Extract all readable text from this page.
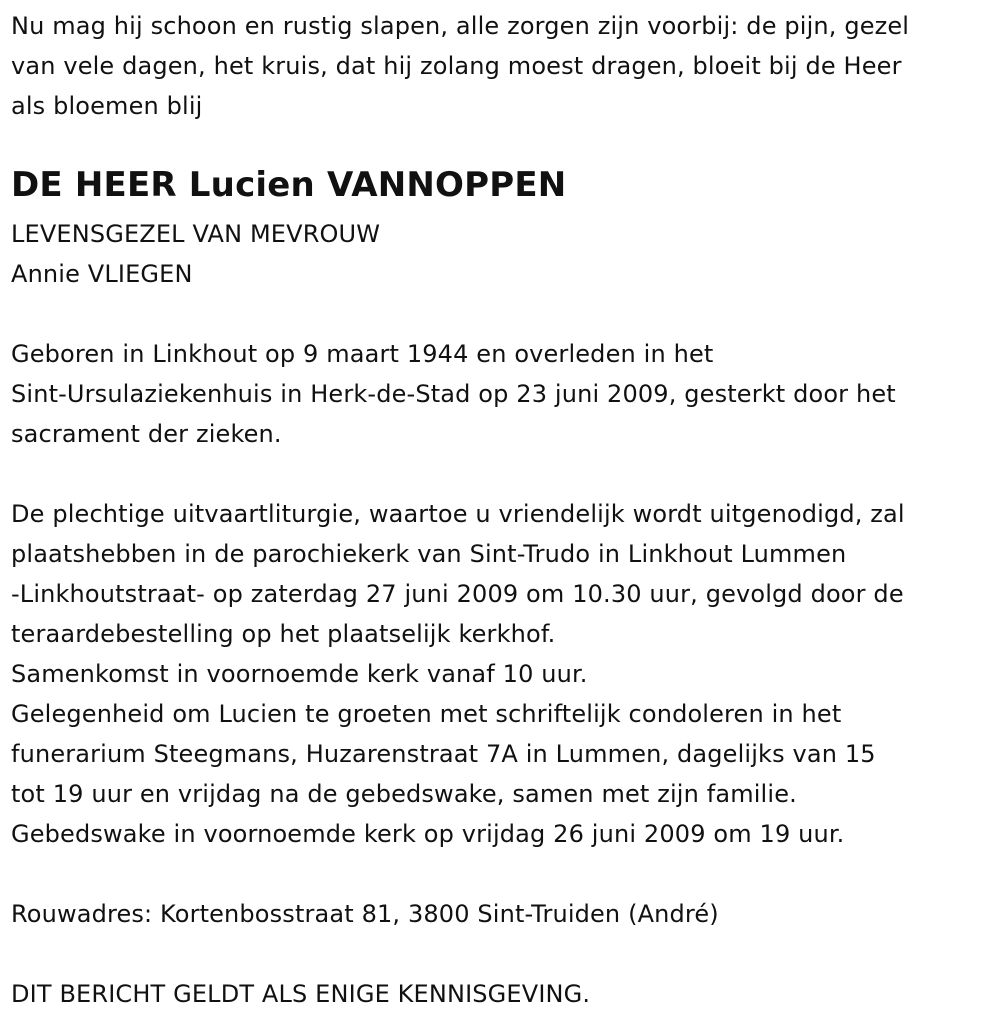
Nu mag hij schoon en rustig slapen, alle zorgen zijn voorbij: de pijn, gezel
van vele dagen, het kruis, dat hij zolang moest dragen, bloeit bij de Heer
als bloemen blij
DE HEER Lucien VANNOPPEN
LEVENSGEZEL VAN MEVROUW
Annie VLIEGEN
Geboren in Linkhout op 9 maart 1944 en overleden in het
Sint-Ursulaziekenhuis in Herk-de-Stad op 23 juni 2009, gesterkt door het
sacrament der zieken.
De plechtige uitvaartliturgie, waartoe u vriendelijk wordt uitgenodigd, zal
plaatshebben in de parochiekerk van Sint-Trudo in Linkhout Lummen
-Linkhoutstraat- op zaterdag 27 juni 2009 om 10.30 uur, gevolgd door de
teraardebestelling op het plaatselijk kerkhof.
Samenkomst in voornoemde kerk vanaf 10 uur.
Gelegenheid om Lucien te groeten met schriftelijk condoleren in het
funerarium Steegmans, Huzarenstraat 7A in Lummen, dagelijks van 15
tot 19 uur en vrijdag na de gebedswake, samen met zijn familie.
Gebedswake in voornoemde kerk op vrijdag 26 juni 2009 om 19 uur.
Rouwadres: Kortenbosstraat 81, 3800 Sint-Truiden (André)
DIT BERICHT GELDT ALS ENIGE KENNISGEVING.
